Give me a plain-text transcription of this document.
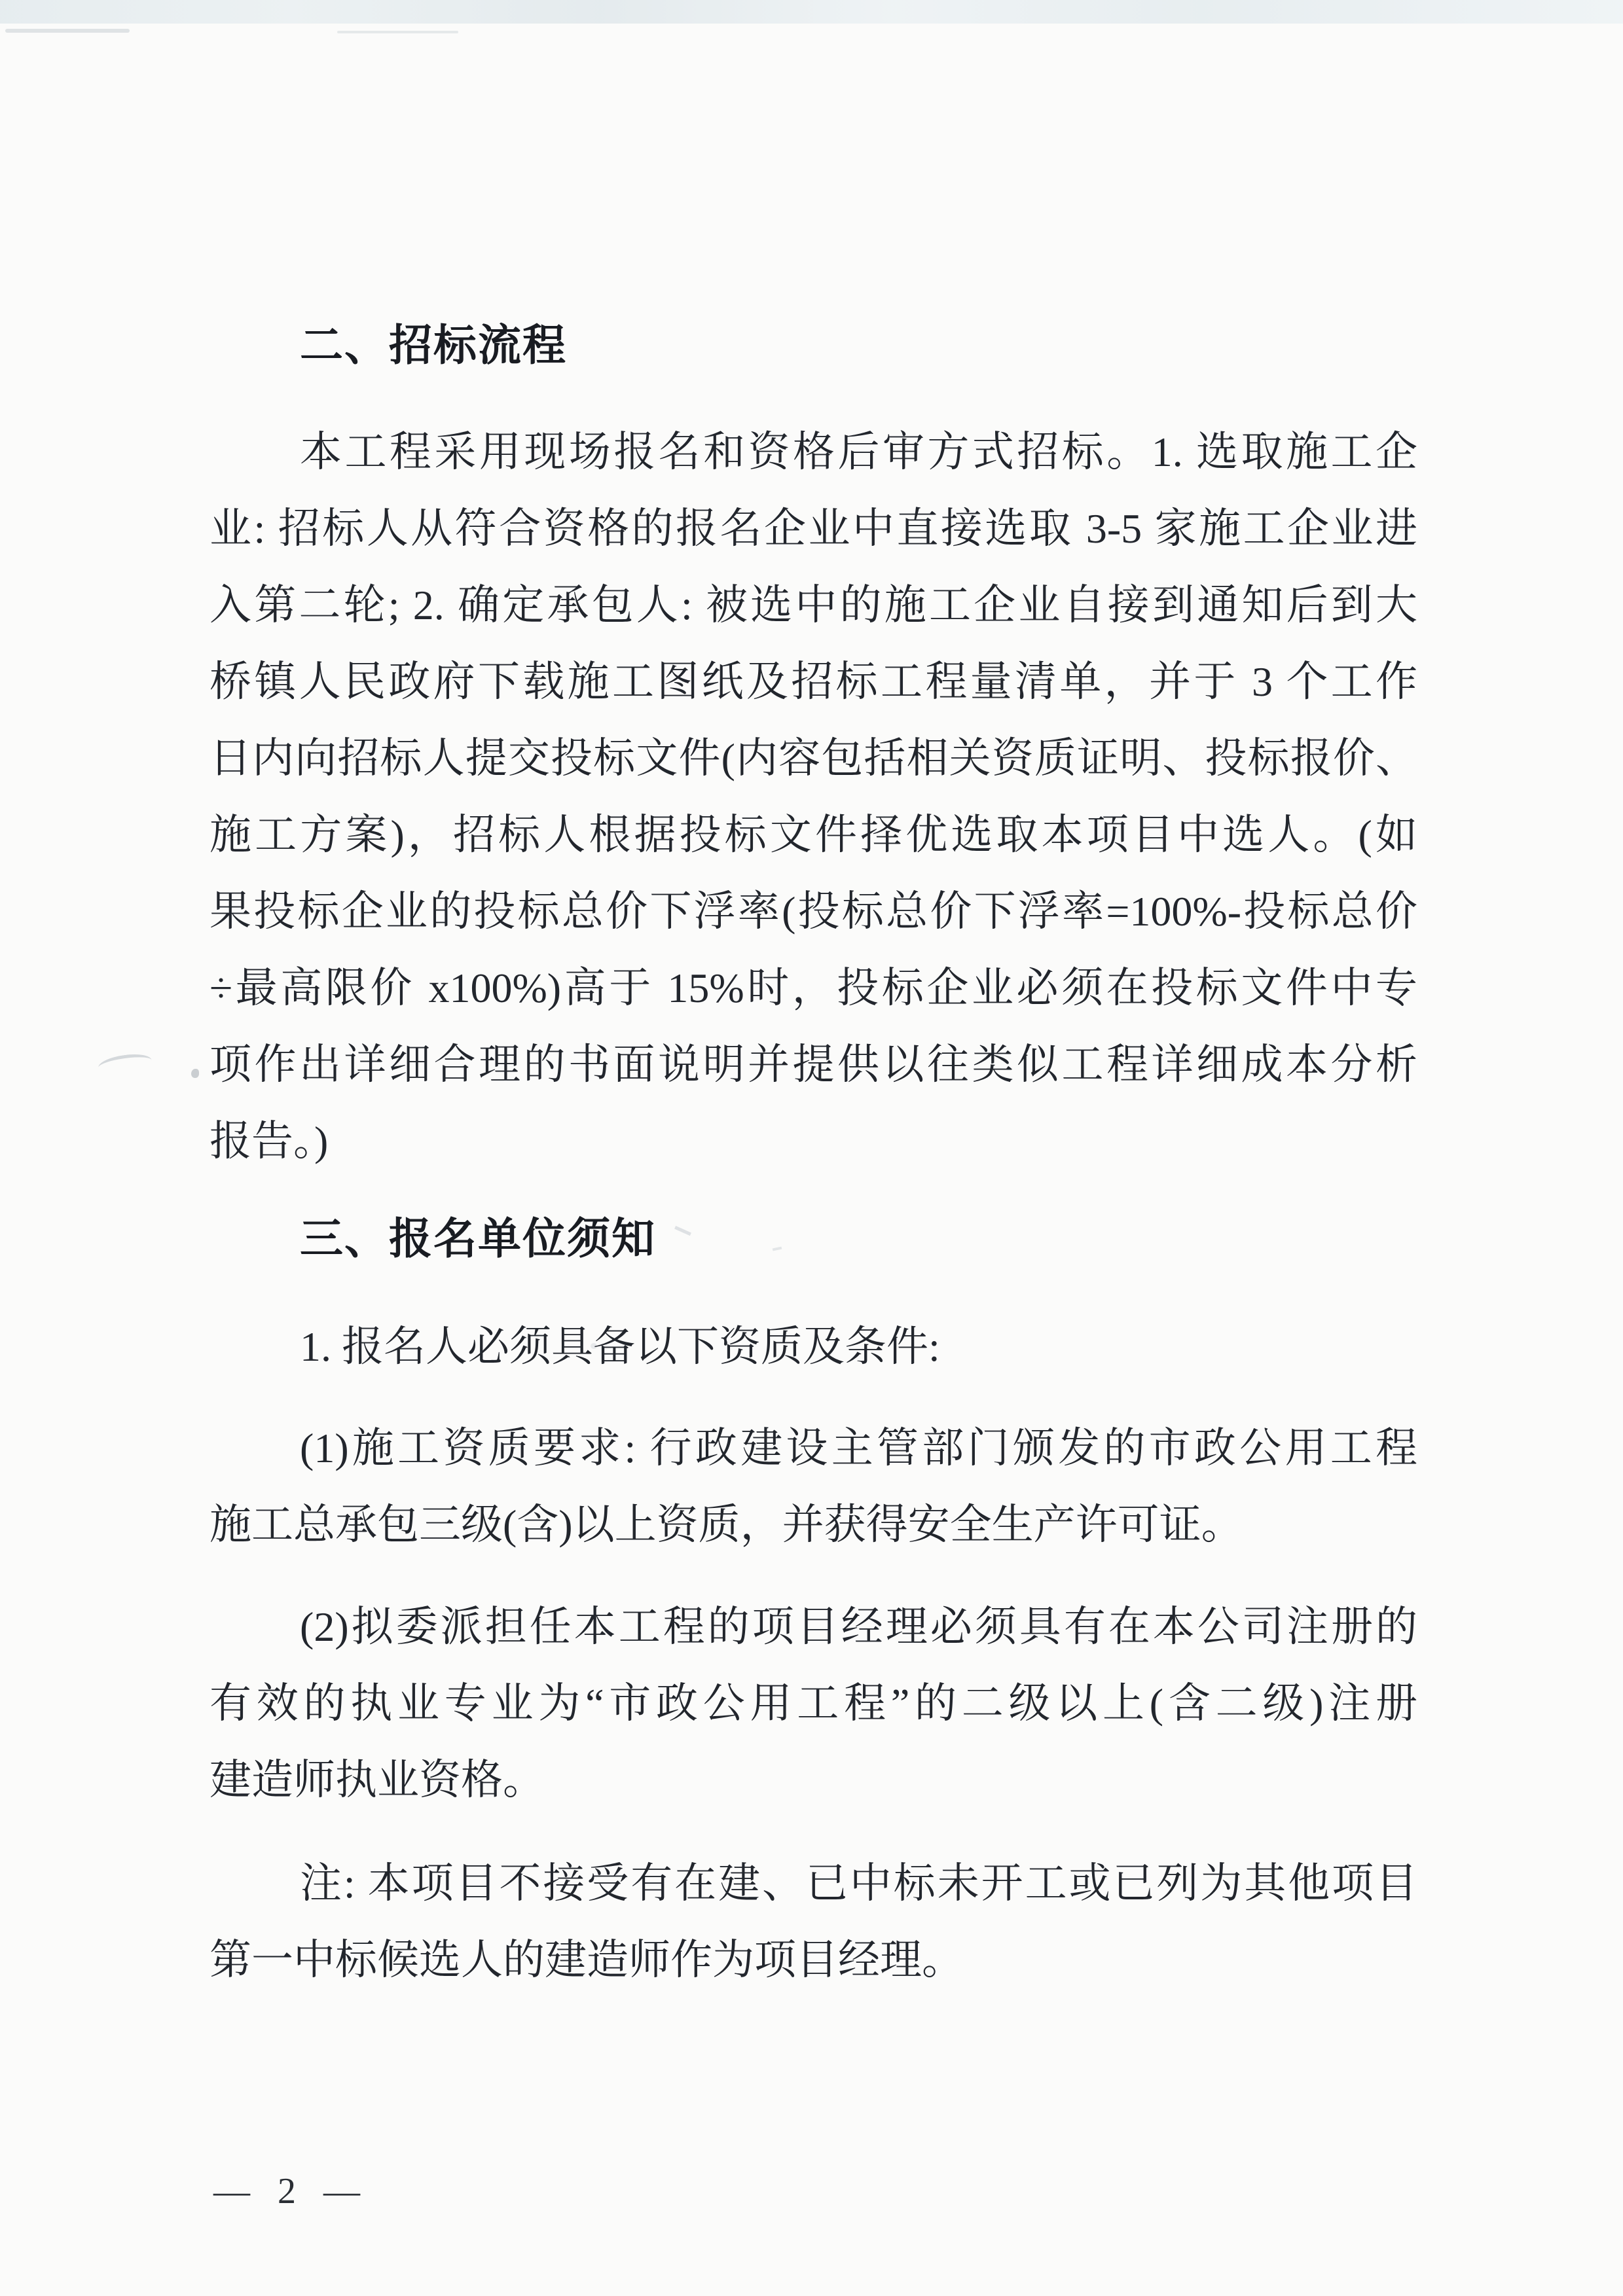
二、招标流程
本工程采用现场报名和资格后审方式招标。1. 选取施工企
业: 招标人从符合资格的报名企业中直接选取 3-5 家施工企业进
入第二轮; 2. 确定承包人: 被选中的施工企业自接到通知后到大
桥镇人民政府下载施工图纸及招标工程量清单，并于 3 个工作
日内向招标人提交投标文件(内容包括相关资质证明、投标报价、
施工方案)，招标人根据投标文件择优选取本项目中选人。(如
果投标企业的投标总价下浮率(投标总价下浮率=100%-投标总价
÷最高限价 x100%)高于 15%时，投标企业必须在投标文件中专
项作出详细合理的书面说明并提供以往类似工程详细成本分析
报告。)
三、报名单位须知
1. 报名人必须具备以下资质及条件:
(1)施工资质要求: 行政建设主管部门颁发的市政公用工程
施工总承包三级(含)以上资质，并获得安全生产许可证。
(2)拟委派担任本工程的项目经理必须具有在本公司注册的
有效的执业专业为“市政公用工程”的二级以上(含二级)注册
建造师执业资格。
注: 本项目不接受有在建、已中标未开工或已列为其他项目
第一中标候选人的建造师作为项目经理。
— 2 —
